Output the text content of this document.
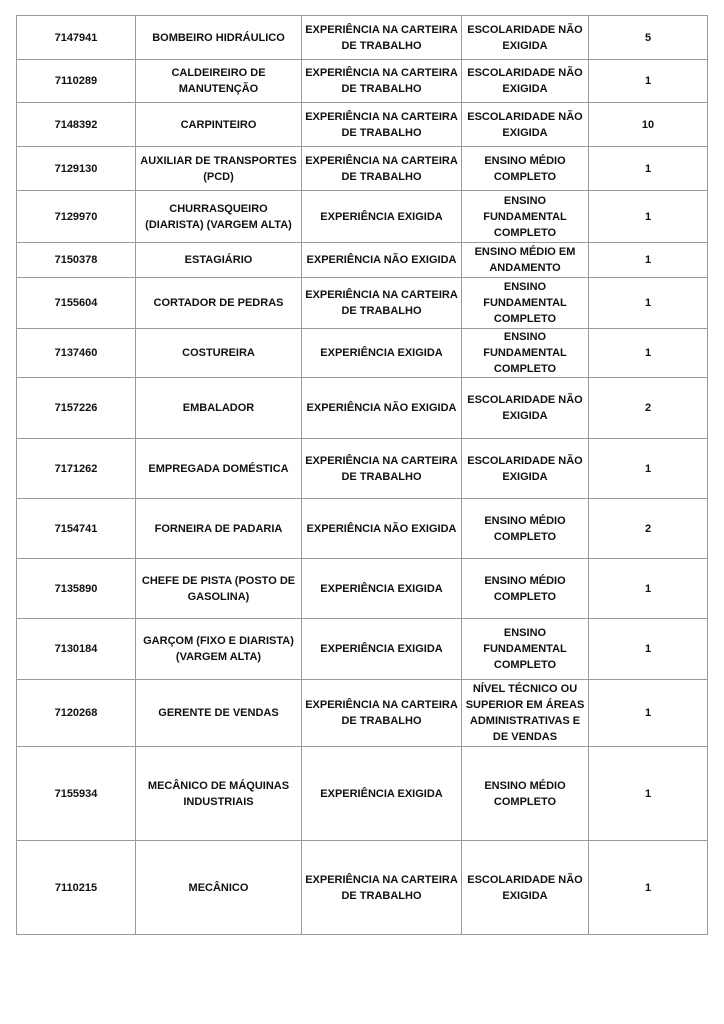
7147941	BOMBEIRO HIDRÁULICO	EXPERIÊNCIA NA CARTEIRA DE TRABALHO	ESCOLARIDADE NÃO EXIGIDA	5
7110289	CALDEIREIRO DE MANUTENÇÃO	EXPERIÊNCIA NA CARTEIRA DE TRABALHO	ESCOLARIDADE NÃO EXIGIDA	1
7148392	CARPINTEIRO	EXPERIÊNCIA NA CARTEIRA DE TRABALHO	ESCOLARIDADE NÃO EXIGIDA	10
7129130	AUXILIAR DE TRANSPORTES (PCD)	EXPERIÊNCIA NA CARTEIRA DE TRABALHO	ENSINO MÉDIO COMPLETO	1
7129970	CHURRASQUEIRO (DIARISTA) (VARGEM ALTA)	EXPERIÊNCIA EXIGIDA	ENSINO FUNDAMENTAL COMPLETO	1
7150378	ESTAGIÁRIO	EXPERIÊNCIA NÃO EXIGIDA	ENSINO MÉDIO EM ANDAMENTO	1
7155604	CORTADOR DE PEDRAS	EXPERIÊNCIA NA CARTEIRA DE TRABALHO	ENSINO FUNDAMENTAL COMPLETO	1
7137460	COSTUREIRA	EXPERIÊNCIA EXIGIDA	ENSINO FUNDAMENTAL COMPLETO	1
7157226	EMBALADOR	EXPERIÊNCIA NÃO EXIGIDA	ESCOLARIDADE NÃO EXIGIDA	2
7171262	EMPREGADA DOMÉSTICA	EXPERIÊNCIA NA CARTEIRA DE TRABALHO	ESCOLARIDADE NÃO EXIGIDA	1
7154741	FORNEIRA DE PADARIA	EXPERIÊNCIA NÃO EXIGIDA	ENSINO MÉDIO COMPLETO	2
7135890	CHEFE DE PISTA (POSTO DE GASOLINA)	EXPERIÊNCIA EXIGIDA	ENSINO MÉDIO COMPLETO	1
7130184	GARÇOM (FIXO E DIARISTA) (VARGEM ALTA)	EXPERIÊNCIA EXIGIDA	ENSINO FUNDAMENTAL COMPLETO	1
7120268	GERENTE DE VENDAS	EXPERIÊNCIA NA CARTEIRA DE TRABALHO	NÍVEL TÉCNICO OU SUPERIOR EM ÁREAS ADMINISTRATIVAS E DE VENDAS	1
7155934	MECÂNICO DE MÁQUINAS INDUSTRIAIS	EXPERIÊNCIA EXIGIDA	ENSINO MÉDIO COMPLETO	1
7110215	MECÂNICO	EXPERIÊNCIA NA CARTEIRA DE TRABALHO	ESCOLARIDADE NÃO EXIGIDA	1
